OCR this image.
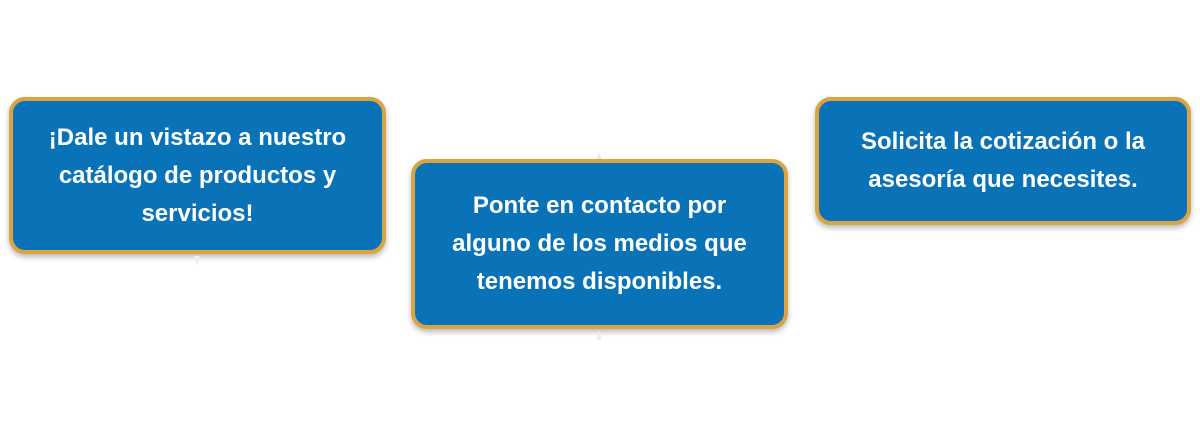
¡Dale un vistazo a nuestro catálogo de productos y servicios!	Ponte en contacto por alguno de los medios que tenemos disponibles.
Solicita la cotización o la asesoría que necesites.
